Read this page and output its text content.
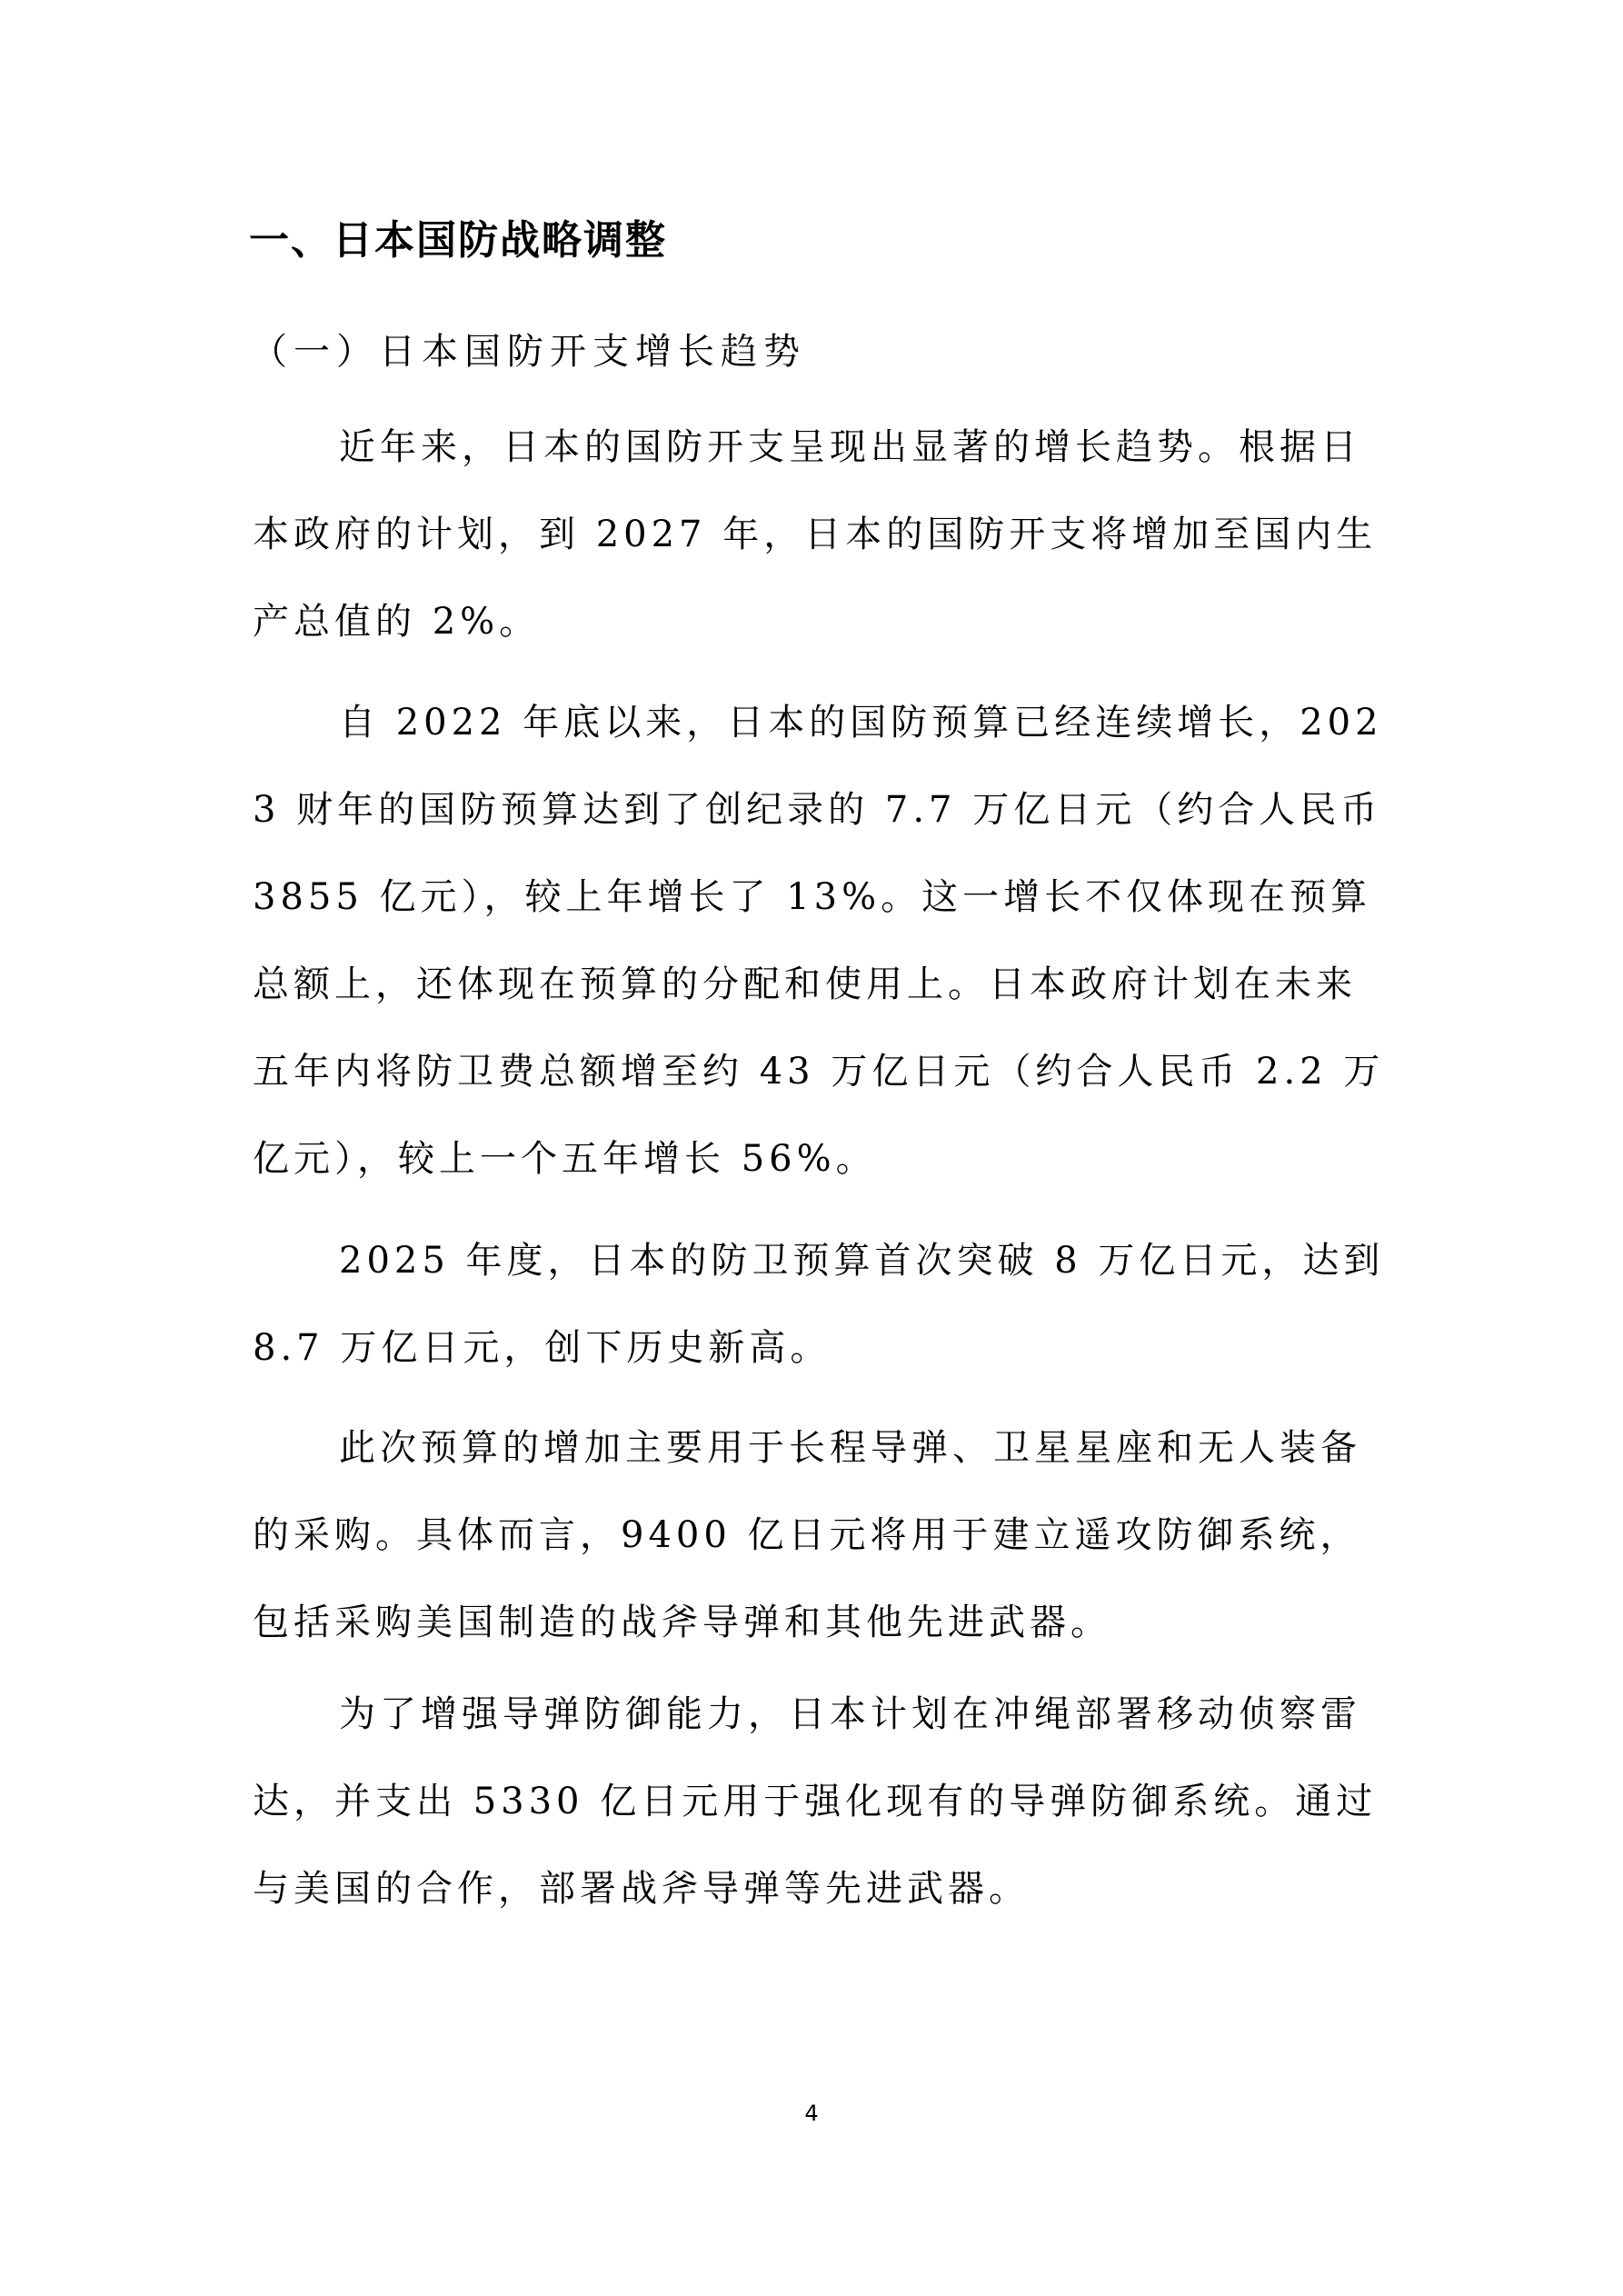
一、日本国防战略调整
（一）日本国防开支增长趋势

近年来，日本的国防开支呈现出显著的增长趋势。根据日本政府的计划，到 2027 年，日本的国防开支将增加至国内生产总值的 2%。

自 2022 年底以来，日本的国防预算已经连续增长，2023 财年的国防预算达到了创纪录的 7.7 万亿日元（约合人民币 3855 亿元），较上年增长了 13%。这一增长不仅体现在预算总额上，还体现在预算的分配和使用上。日本政府计划在未来五年内将防卫费总额增至约 43 万亿日元（约合人民币 2.2 万亿元），较上一个五年增长 56%。

2025 年度，日本的防卫预算首次突破 8 万亿日元，达到 8.7 万亿日元，创下历史新高。

此次预算的增加主要用于长程导弹、卫星星座和无人装备的采购。具体而言，9400 亿日元将用于建立遥攻防御系统，包括采购美国制造的战斧导弹和其他先进武器。

为了增强导弹防御能力，日本计划在冲绳部署移动侦察雷达，并支出 5330 亿日元用于强化现有的导弹防御系统。通过与美国的合作，部署战斧导弹等先进武器。

4
